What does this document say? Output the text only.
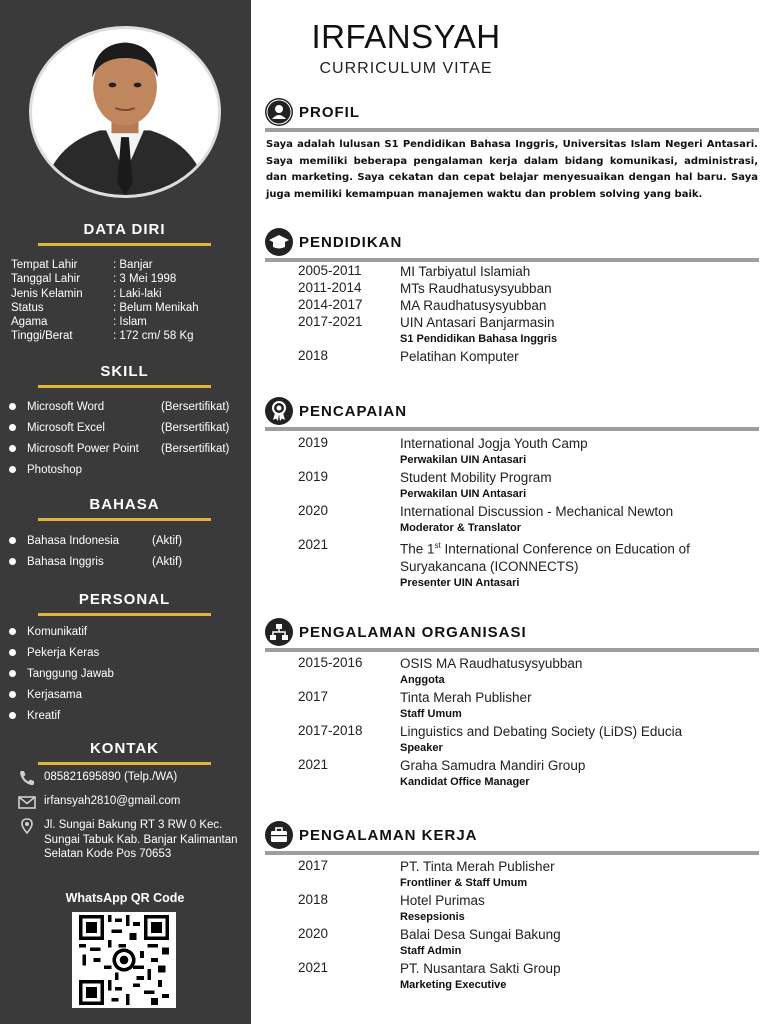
DATA DIRI
Tempat Lahir	: Banjar
Tanggal Lahir	: 3 Mei 1998
Jenis Kelamin	: Laki-laki
Status	: Belum Menikah
Agama	: Islam
Tinggi/Berat	: 172 cm/ 58 Kg
SKILL
Microsoft Word	(Bersertifikat)
Microsoft Excel	(Bersertifikat)
Microsoft Power Point	(Bersertifikat)
Photoshop
BAHASA
Bahasa Indonesia	(Aktif)
Bahasa Inggris	(Aktif)
PERSONAL
Komunikatif
Pekerja Keras
Tanggung Jawab
Kerjasama
Kreatif
KONTAK
085821695890 (Telp./WA)
irfansyah2810@gmail.com
Jl. Sungai Bakung RT 3 RW 0 Kec. Sungai Tabuk Kab. Banjar Kalimantan Selatan Kode Pos 70653
WhatsApp QR Code
IRFANSYAH
CURRICULUM VITAE
PROFIL
Saya adalah lulusan S1 Pendidikan Bahasa Inggris, Universitas Islam Negeri Antasari. Saya memiliki beberapa pengalaman kerja dalam bidang komunikasi, administrasi, dan marketing. Saya cekatan dan cepat belajar menyesuaikan dengan hal baru. Saya juga memiliki kemampuan manajemen waktu dan problem solving yang baik.
PENDIDIKAN
2005-2011	MI Tarbiyatul Islamiah
2011-2014	MTs Raudhatusysyubban
2014-2017	MA Raudhatusysyubban
2017-2021	UIN Antasari Banjarmasin
S1 Pendidikan Bahasa Inggris
2018	Pelatihan Komputer
PENCAPAIAN
2019	International Jogja Youth Camp
Perwakilan UIN Antasari
2019	Student Mobility Program
Perwakilan UIN Antasari
2020	International Discussion - Mechanical Newton
Moderator & Translator
2021	The 1st International Conference on Education of Suryakancana (ICONNECTS)
Presenter UIN Antasari
PENGALAMAN ORGANISASI
2015-2016	OSIS MA Raudhatusysyubban
Anggota
2017	Tinta Merah Publisher
Staff Umum
2017-2018	Linguistics and Debating Society (LiDS) Educia
Speaker
2021	Graha Samudra Mandiri Group
Kandidat Office Manager
PENGALAMAN KERJA
2017	PT. Tinta Merah Publisher
Frontliner & Staff Umum
2018	Hotel Purimas
Resepsionis
2020	Balai Desa Sungai Bakung
Staff Admin
2021	PT. Nusantara Sakti Group
Marketing Executive
